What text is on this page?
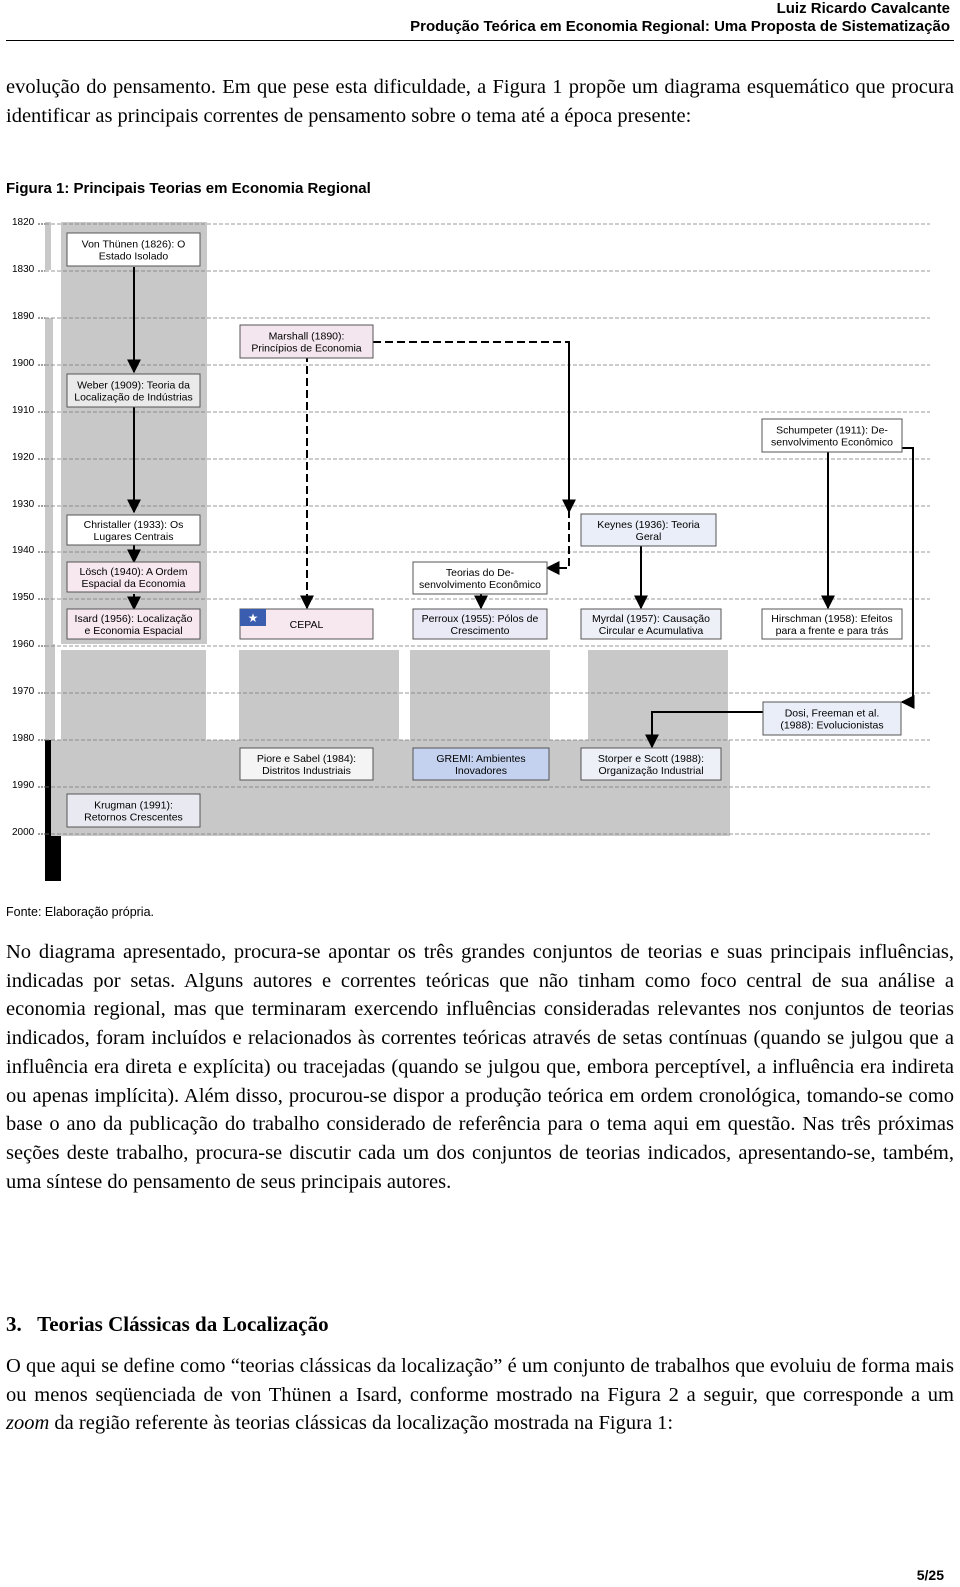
Luiz Ricardo Cavalcante
Produção Teórica em Economia Regional: Uma Proposta de Sistematização

evolução do pensamento. Em que pese esta dificuldade, a Figura 1 propõe um diagrama esquemático que procura identificar as principais correntes de pensamento sobre o tema até a época presente:

Figura 1: Principais Teorias em Economia Regional
1820
1830
1890
1900
1910
1920
1930
1940
1950
1960
1970
1980
1990
2000
Von Thünen (1826): O
Estado Isolado
Marshall (1890):
Princípios de Economia
Weber (1909): Teoria da
Localização de Indústrias
Schumpeter (1911): De-
senvolvimento Econômico
Christaller (1933): Os
Lugares Centrais
Keynes (1936): Teoria
Geral
Lösch (1940): A Ordem
Espacial da Economia
Teorias do De-
senvolvimento Econômico
Isard (1956): Localização
e Economia Espacial	CEPAL
★	Perroux (1955): Pólos de
Crescimento
Myrdal (1957): Causação
Circular e Acumulativa
Hirschman (1958): Efeitos
para a frente e para trás
Dosi, Freeman et al.
(1988): Evolucionistas
Piore e Sabel (1984):
Distritos Industriais
GREMI: Ambientes
Inovadores
Storper e Scott (1988):
Organização Industrial
Krugman (1991):
Retornos Crescentes
Fonte: Elaboração própria.

No diagrama apresentado, procura-se apontar os três grandes conjuntos de teorias e suas principais influências, indicadas por setas. Alguns autores e correntes teóricas que não tinham como foco central de sua análise a economia regional, mas que terminaram exercendo influências consideradas relevantes nos conjuntos de teorias indicados, foram incluídos e relacionados às correntes teóricas através de setas contínuas (quando se julgou que a influência era direta e explícita) ou tracejadas (quando se julgou que, embora perceptível, a influência era indireta ou apenas implícita). Além disso, procurou-se dispor a produção teórica em ordem cronológica, tomando-se como base o ano da publicação do trabalho considerado de referência para o tema aqui em questão. Nas três próximas seções deste trabalho, procura-se discutir cada um dos conjuntos de teorias indicados, apresentando-se, também, uma síntese do pensamento de seus principais autores.

3. Teorias Clássicas da Localização

O que aqui se define como “teorias clássicas da localização” é um conjunto de trabalhos que evoluiu de forma mais ou menos seqüenciada de von Thünen a Isard, conforme mostrado na Figura 2 a seguir, que corresponde a um zoom da região referente às teorias clássicas da localização mostrada na Figura 1:

5/25
